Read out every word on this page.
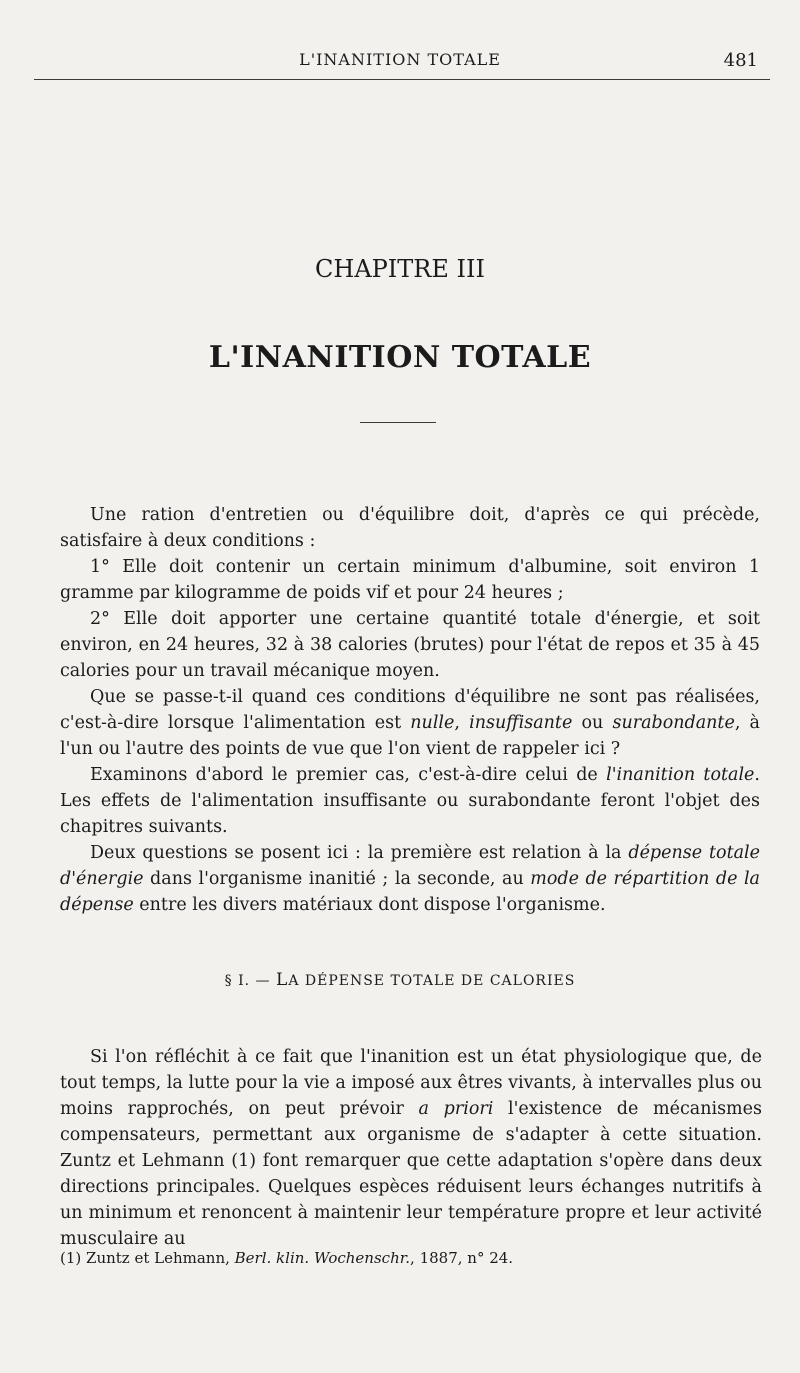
L'INANITION TOTALE	481
CHAPITRE III
L'INANITION TOTALE

Une ration d'entretien ou d'équilibre doit, d'après ce qui précède, satisfaire à deux conditions :

1° Elle doit contenir un certain minimum d'albumine, soit environ 1 gramme par kilogramme de poids vif et pour 24 heures ;

2° Elle doit apporter une certaine quantité totale d'énergie, et soit environ, en 24 heures, 32 à 38 calories (brutes) pour l'état de repos et 35 à 45 calories pour un travail mécanique moyen.

Que se passe-t-il quand ces conditions d'équilibre ne sont pas réalisées, c'est-à-dire lorsque l'alimentation est nulle, insuffisante ou surabondante, à l'un ou l'autre des points de vue que l'on vient de rappeler ici ?

Examinons d'abord le premier cas, c'est-à-dire celui de l'inanition totale. Les effets de l'alimentation insuffisante ou surabondante feront l'objet des chapitres suivants.

Deux questions se posent ici : la première est relation à la dépense totale d'énergie dans l'organisme inanitié ; la seconde, au mode de répartition de la dépense entre les divers matériaux dont dispose l'organisme.

§ I. — LA DÉPENSE TOTALE DE CALORIES

Si l'on réfléchit à ce fait que l'inanition est un état physiologique que, de tout temps, la lutte pour la vie a imposé aux êtres vivants, à intervalles plus ou moins rapprochés, on peut prévoir a priori l'existence de mécanismes compensateurs, permettant aux organisme de s'adapter à cette situation. Zuntz et Lehmann (1) font remarquer que cette adaptation s'opère dans deux directions principales. Quelques espèces réduisent leurs échanges nutritifs à un minimum et renoncent à maintenir leur température propre et leur activité musculaire au

(1) Zuntz et Lehmann, Berl. klin. Wochenschr., 1887, n° 24.
